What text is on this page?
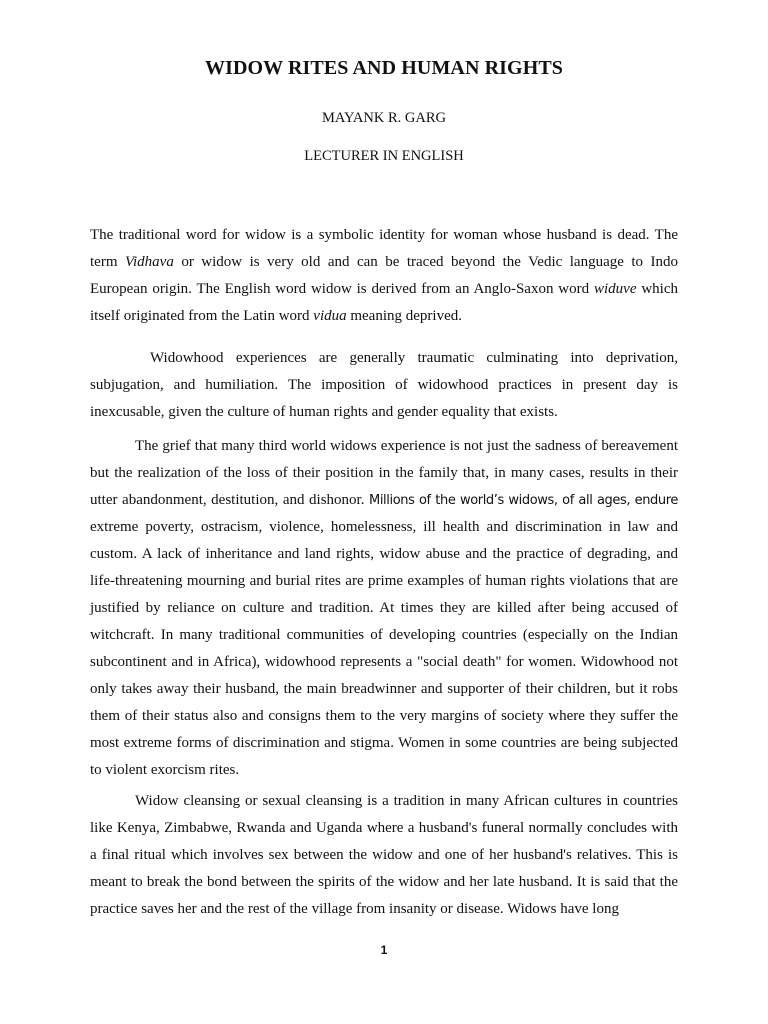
WIDOW RITES AND HUMAN RIGHTS
MAYANK R. GARG
LECTURER IN ENGLISH

The traditional word for widow is a symbolic identity for woman whose husband is dead. The term Vidhava or widow is very old and can be traced beyond the Vedic language to Indo European origin. The English word widow is derived from an Anglo-Saxon word widuve which itself originated from the Latin word vidua meaning deprived.

Widowhood experiences are generally traumatic culminating into deprivation, subjugation, and humiliation. The imposition of widowhood practices in present day is inexcusable, given the culture of human rights and gender equality that exists.

The grief that many third world widows experience is not just the sadness of bereavement but the realization of the loss of their position in the family that, in many cases, results in their utter abandonment, destitution, and dishonor. Millions of the world’s widows, of all ages, endure extreme poverty, ostracism, violence, homelessness, ill health and discrimination in law and custom. A lack of inheritance and land rights, widow abuse and the practice of degrading, and life-threatening mourning and burial rites are prime examples of human rights violations that are justified by reliance on culture and tradition. At times they are killed after being accused of witchcraft. In many traditional communities of developing countries (especially on the Indian subcontinent and in Africa), widowhood represents a "social death" for women. Widowhood not only takes away their husband, the main breadwinner and supporter of their children, but it robs them of their status also and consigns them to the very margins of society where they suffer the most extreme forms of discrimination and stigma. Women in some countries are being subjected to violent exorcism rites.

Widow cleansing or sexual cleansing is a tradition in many African cultures in countries like Kenya, Zimbabwe, Rwanda and Uganda where a husband's funeral normally concludes with a final ritual which involves sex between the widow and one of her husband's relatives. This is meant to break the bond between the spirits of the widow and her late husband. It is said that the practice saves her and the rest of the village from insanity or disease. Widows have long

1
